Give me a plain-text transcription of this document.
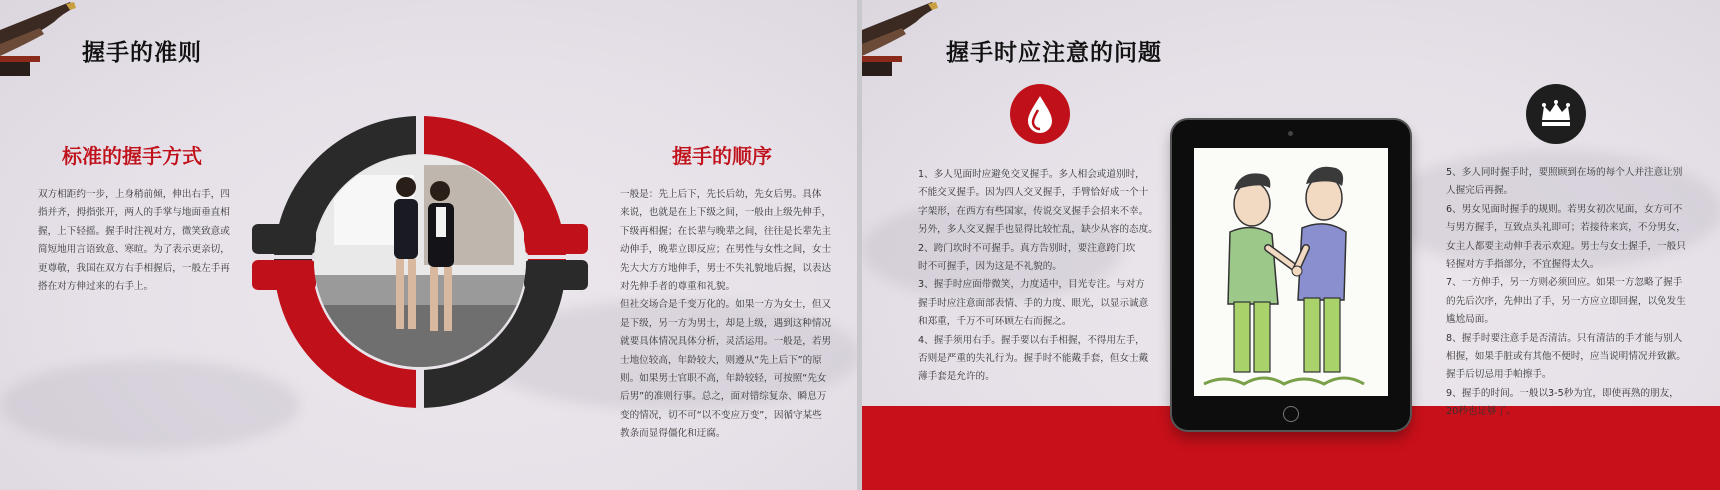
握手的准则
标准的握手方式
双方相距约一步，上身稍前倾，伸出右手，四
指并齐，拇指张开，两人的手掌与地面垂直相
握，上下轻摇。握手时注视对方，微笑致意或
简短地用言语致意、寒暄。为了表示更亲切，
更尊敬，我国在双方右手相握后，一般左手再
搭在对方伸过来的右手上。
握手的顺序
一般是：先上后下，先长后幼，先女后男。具体
来说，也就是在上下级之间，一般由上级先伸手，
下级再相握；在长辈与晚辈之间，往往是长辈先主
动伸手，晚辈立即反应；在男性与女性之间，女士
先大大方方地伸手，男士不失礼貌地后握，以表达
对先伸手者的尊重和礼貌。
但社交场合是千变万化的。如果一方为女士，但又
是下级，另一方为男士，却是上级，遇到这种情况
就要具体情况具体分析，灵活运用。一般是，若男
士地位较高，年龄较大，则遵从“先上后下”的原
则。如果男士官职不高，年龄较轻，可按照“先女
后男”的准则行事。总之，面对错综复杂、瞬息万
变的情况，切不可“以不变应万变”，因循守某些
教条而显得僵化和迂腐。
握手时应注意的问题
1、多人见面时应避免交叉握手。多人相会或道别时，
不能交叉握手。因为四人交叉握手，手臂恰好成一个十
字架形，在西方有些国家，传说交叉握手会招来不幸。
另外，多人交叉握手也显得比较忙乱，缺少从容的态度。
2、跨门坎时不可握手。真方告别时，要注意跨门坎
时不可握手，因为这是不礼貌的。
3、握手时应面带微笑，力度适中，目光专注。与对方
握手时应注意面部表情、手的力度、眼光，以显示诚意
和郑重，千万不可环顾左右而握之。
4、握手须用右手。握手要以右手相握，不得用左手，
否则是严重的失礼行为。握手时不能戴手套，但女士戴
薄手套是允许的。
5、多人同时握手时，要照顾到在场的每个人并注意让别
人握完后再握。
6、男女见面时握手的规则。若男女初次见面，女方可不
与男方握手，互致点头礼即可；若接待来宾，不分男女，
女主人都要主动伸手表示欢迎。男士与女士握手，一般只
轻握对方手指部分，不宜握得太久。
7、一方伸手，另一方则必须回应。如果一方忽略了握手
的先后次序，先伸出了手，另一方应立即回握，以免发生
尴尬局面。
8、握手时要注意手是否清洁。只有清洁的手才能与别人
相握，如果手脏或有其他不便时，应当说明情况并致歉。
握手后切忌用手帕擦手。
9、握手的时间。一般以3-5秒为宜，即使再熟的朋友，
20秒也足够了。
